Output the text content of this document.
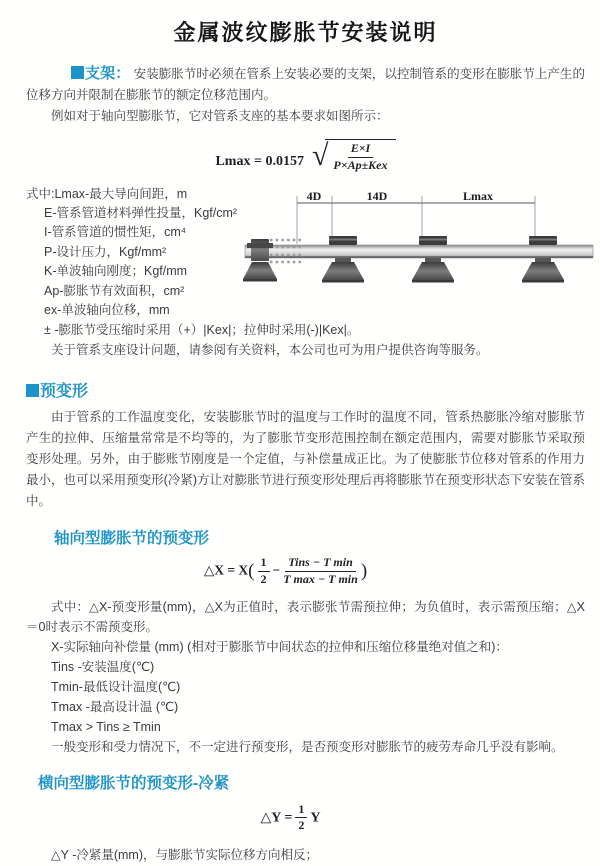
金属波纹膨胀节安装说明

支架： 安装膨胀节时必须在管系上安装必要的支架，以控制管系的变形在膨胀节上产生的位移方向并限制在膨胀节的额定位移范围内。

例如对于轴向型膨胀节，它对管系支座的基本要求如图所示：

Lmax = 0.0157 √ $\frac{E\times I}{\text{P×Ap±Kex}}$

式中:Lmax-最大导向间距，m

E-管系管道材料弹性投量，Kgf/cm²

I-管系管道的惯性矩，cm⁴

P-设计压力，Kgf/mm²

K-单波轴向刚度；Kgf/mm

Ap-膨胀节有效面积，cm²

ex-单波轴向位移，mm

± -膨胀节受压缩时采用（+）|Kex|；拉伸时采用(-)|Kex|。

关于管系支座设计问题，请参阅有关资料，本公司也可为用户提供咨询等服务。

预变形

由于管系的工作温度变化，安装膨胀节时的温度与工作时的温度不同，管系热膨胀冷缩对膨胀节产生的拉伸、压缩量常常是不均等的，为了膨胀节变形范围控制在额定范围内，需要对膨胀节采取预变形处理。另外，由于膨账节刚度是一个定值，与补偿量成正比。为了使膨胀节位移对管系的作用力最小，也可以采用预变形(冷紧)方让对膨胀节进行预变形处理后再将膨胀节在预变形状态下安装在管系中。

轴向型膨胀节的预变形
△X = $X( \frac{1}{2} - \frac{\text{Tins − T min}}{\text{T max − T min}}$ )

式中：△X-预变形量(mm)，△X为正值时，表示膨张节需预拉伸；为负值时，表示需预压缩；△X＝0时表示不需预变形。

X-实际轴向补偿量 (mm) (相对于膨胀节中间状态的拉伸和压缩位移量绝对值之和)：

Tins -安装温度(℃)

Tmin-最低设计温度(℃)

Tmax -最高设计温 (℃)

Tmax > Tins ≥ Tmin

一般变形和受力情况下，不一定进行预变形，是否预变形对膨胀节的疲劳寿命几乎没有影响。

横向型膨胀节的预变形-冷紧
△Y = $\frac{1}{2}$ Y

△Y -冷紧量(mm)，与膨胀节实际位移方向相反；

4D	14D	Lmax
